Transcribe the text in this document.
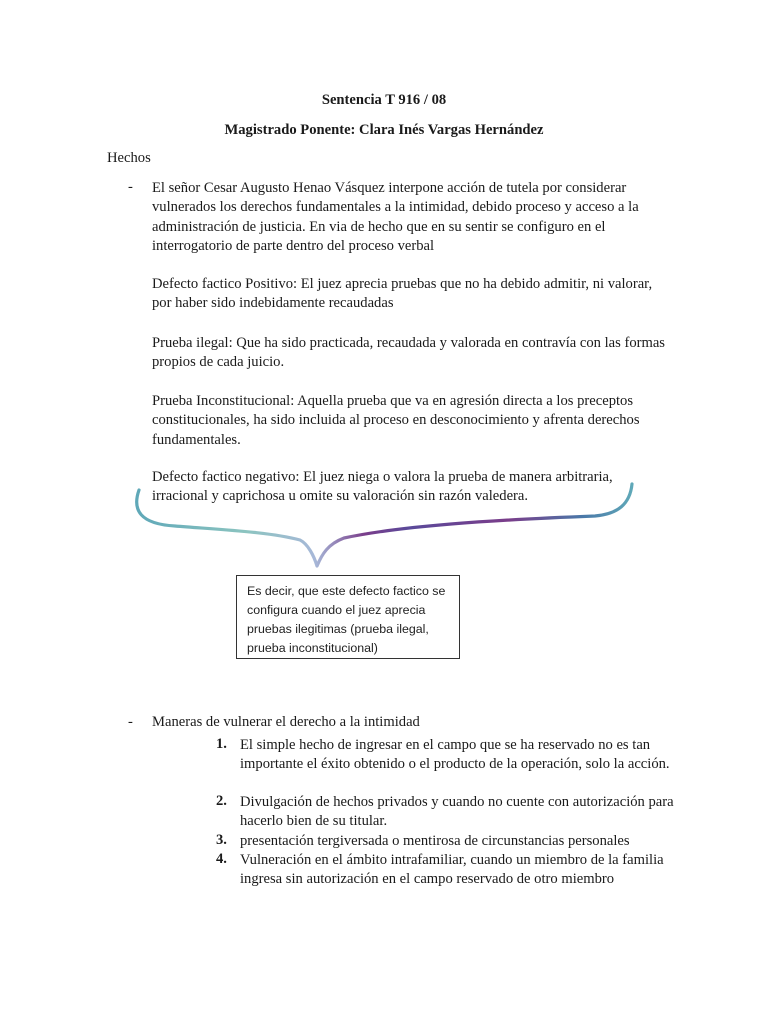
Sentencia T 916 / 08
Magistrado Ponente: Clara Inés Vargas Hernández
Hechos
- El señor Cesar Augusto Henao Vásquez interpone acción de tutela por considerar vulnerados los derechos fundamentales a la intimidad, debido proceso y acceso a la administración de justicia. En via de hecho que en su sentir se configuro en el interrogatorio de parte dentro del proceso verbal
Defecto factico Positivo: El juez aprecia pruebas que no ha debido admitir, ni valorar, por haber sido indebidamente recaudadas
Prueba ilegal: Que ha sido practicada, recaudada y valorada en contravía con las formas propios de cada juicio.
Prueba Inconstitucional: Aquella prueba que va en agresión directa a los preceptos constitucionales, ha sido incluida al proceso en desconocimiento y afrenta derechos fundamentales.
Defecto factico negativo: El juez niega o valora la prueba de manera arbitraria, irracional y caprichosa u omite su valoración sin razón valedera.
Es decir, que este defecto factico se configura cuando el juez aprecia pruebas ilegitimas (prueba ilegal, prueba inconstitucional)
- Maneras de vulnerar el derecho a la intimidad
1. El simple hecho de ingresar en el campo que se ha reservado no es tan importante el éxito obtenido o el producto de la operación, solo la acción.
2. Divulgación de hechos privados y cuando no cuente con autorización para hacerlo bien de su titular.
3. presentación tergiversada o mentirosa de circunstancias personales
4. Vulneración en el ámbito intrafamiliar, cuando un miembro de la familia ingresa sin autorización en el campo reservado de otro miembro
